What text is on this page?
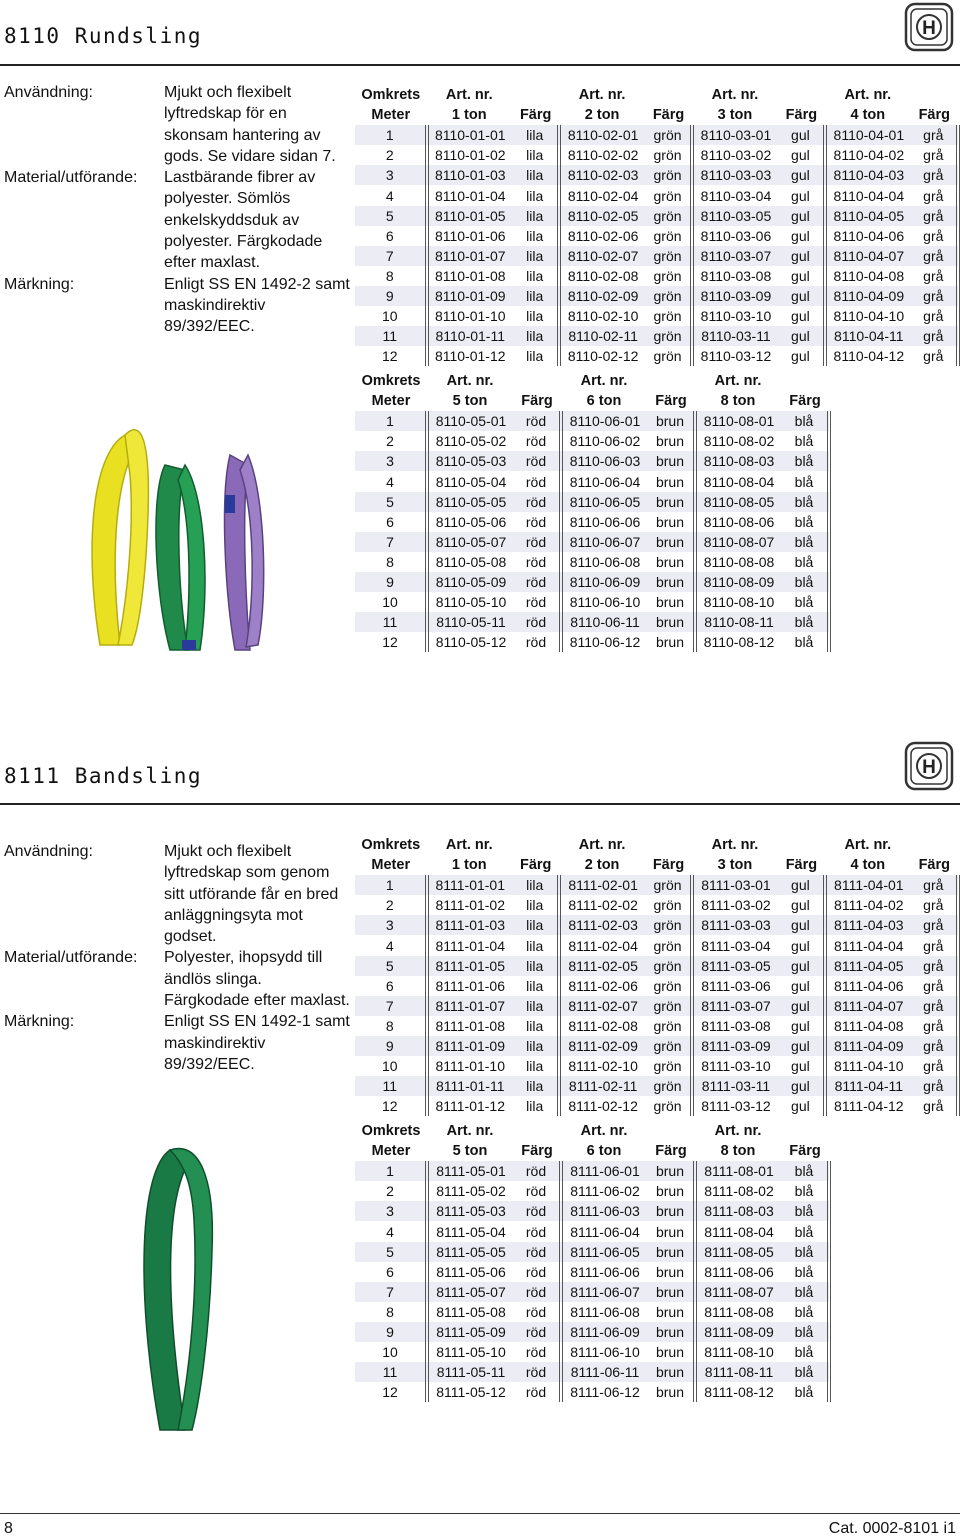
8110 Rundsling	H
Användning:	Mjukt och flexibelt lyftredskap för en skonsam hantering av gods. Se vidare sidan 7.
Material/utförande:	Lastbärande fibrer av polyester. Sömlös enkelskyddsduk av polyester. Färgkodade efter maxlast.
Märkning:	Enligt SS EN 1492-2 samt maskindirektiv 89/392/EEC.
Omkrets	Art. nr.		Art. nr.		Art. nr.		Art. nr.	
Meter	1 ton	Färg	2 ton	Färg	3 ton	Färg	4 ton	Färg
1	8110-01-01	lila	8110-02-01	grön	8110-03-01	gul	8110-04-01	grå
2	8110-01-02	lila	8110-02-02	grön	8110-03-02	gul	8110-04-02	grå
3	8110-01-03	lila	8110-02-03	grön	8110-03-03	gul	8110-04-03	grå
4	8110-01-04	lila	8110-02-04	grön	8110-03-04	gul	8110-04-04	grå
5	8110-01-05	lila	8110-02-05	grön	8110-03-05	gul	8110-04-05	grå
6	8110-01-06	lila	8110-02-06	grön	8110-03-06	gul	8110-04-06	grå
7	8110-01-07	lila	8110-02-07	grön	8110-03-07	gul	8110-04-07	grå
8	8110-01-08	lila	8110-02-08	grön	8110-03-08	gul	8110-04-08	grå
9	8110-01-09	lila	8110-02-09	grön	8110-03-09	gul	8110-04-09	grå
10	8110-01-10	lila	8110-02-10	grön	8110-03-10	gul	8110-04-10	grå
11	8110-01-11	lila	8110-02-11	grön	8110-03-11	gul	8110-04-11	grå
12	8110-01-12	lila	8110-02-12	grön	8110-03-12	gul	8110-04-12	grå
Omkrets	Art. nr.		Art. nr.		Art. nr.	
Meter	5 ton	Färg	6 ton	Färg	8 ton	Färg
1	8110-05-01	röd	8110-06-01	brun	8110-08-01	blå
2	8110-05-02	röd	8110-06-02	brun	8110-08-02	blå
3	8110-05-03	röd	8110-06-03	brun	8110-08-03	blå
4	8110-05-04	röd	8110-06-04	brun	8110-08-04	blå
5	8110-05-05	röd	8110-06-05	brun	8110-08-05	blå
6	8110-05-06	röd	8110-06-06	brun	8110-08-06	blå
7	8110-05-07	röd	8110-06-07	brun	8110-08-07	blå
8	8110-05-08	röd	8110-06-08	brun	8110-08-08	blå
9	8110-05-09	röd	8110-06-09	brun	8110-08-09	blå
10	8110-05-10	röd	8110-06-10	brun	8110-08-10	blå
11	8110-05-11	röd	8110-06-11	brun	8110-08-11	blå
12	8110-05-12	röd	8110-06-12	brun	8110-08-12	blå
8111 Bandsling	H
Användning:	Mjukt och flexibelt lyftredskap som genom sitt utförande får en bred anläggningsyta mot godset.
Material/utförande:	Polyester, ihopsydd till ändlös slinga. Färgkodade efter maxlast.
Märkning:	Enligt SS EN 1492-1 samt maskindirektiv 89/392/EEC.
Omkrets	Art. nr.		Art. nr.		Art. nr.		Art. nr.	
Meter	1 ton	Färg	2 ton	Färg	3 ton	Färg	4 ton	Färg
1	8111-01-01	lila	8111-02-01	grön	8111-03-01	gul	8111-04-01	grå
2	8111-01-02	lila	8111-02-02	grön	8111-03-02	gul	8111-04-02	grå
3	8111-01-03	lila	8111-02-03	grön	8111-03-03	gul	8111-04-03	grå
4	8111-01-04	lila	8111-02-04	grön	8111-03-04	gul	8111-04-04	grå
5	8111-01-05	lila	8111-02-05	grön	8111-03-05	gul	8111-04-05	grå
6	8111-01-06	lila	8111-02-06	grön	8111-03-06	gul	8111-04-06	grå
7	8111-01-07	lila	8111-02-07	grön	8111-03-07	gul	8111-04-07	grå
8	8111-01-08	lila	8111-02-08	grön	8111-03-08	gul	8111-04-08	grå
9	8111-01-09	lila	8111-02-09	grön	8111-03-09	gul	8111-04-09	grå
10	8111-01-10	lila	8111-02-10	grön	8111-03-10	gul	8111-04-10	grå
11	8111-01-11	lila	8111-02-11	grön	8111-03-11	gul	8111-04-11	grå
12	8111-01-12	lila	8111-02-12	grön	8111-03-12	gul	8111-04-12	grå
Omkrets	Art. nr.		Art. nr.		Art. nr.	
Meter	5 ton	Färg	6 ton	Färg	8 ton	Färg
1	8111-05-01	röd	8111-06-01	brun	8111-08-01	blå
2	8111-05-02	röd	8111-06-02	brun	8111-08-02	blå
3	8111-05-03	röd	8111-06-03	brun	8111-08-03	blå
4	8111-05-04	röd	8111-06-04	brun	8111-08-04	blå
5	8111-05-05	röd	8111-06-05	brun	8111-08-05	blå
6	8111-05-06	röd	8111-06-06	brun	8111-08-06	blå
7	8111-05-07	röd	8111-06-07	brun	8111-08-07	blå
8	8111-05-08	röd	8111-06-08	brun	8111-08-08	blå
9	8111-05-09	röd	8111-06-09	brun	8111-08-09	blå
10	8111-05-10	röd	8111-06-10	brun	8111-08-10	blå
11	8111-05-11	röd	8111-06-11	brun	8111-08-11	blå
12	8111-05-12	röd	8111-06-12	brun	8111-08-12	blå
8	Cat. 0002-8101 i1
